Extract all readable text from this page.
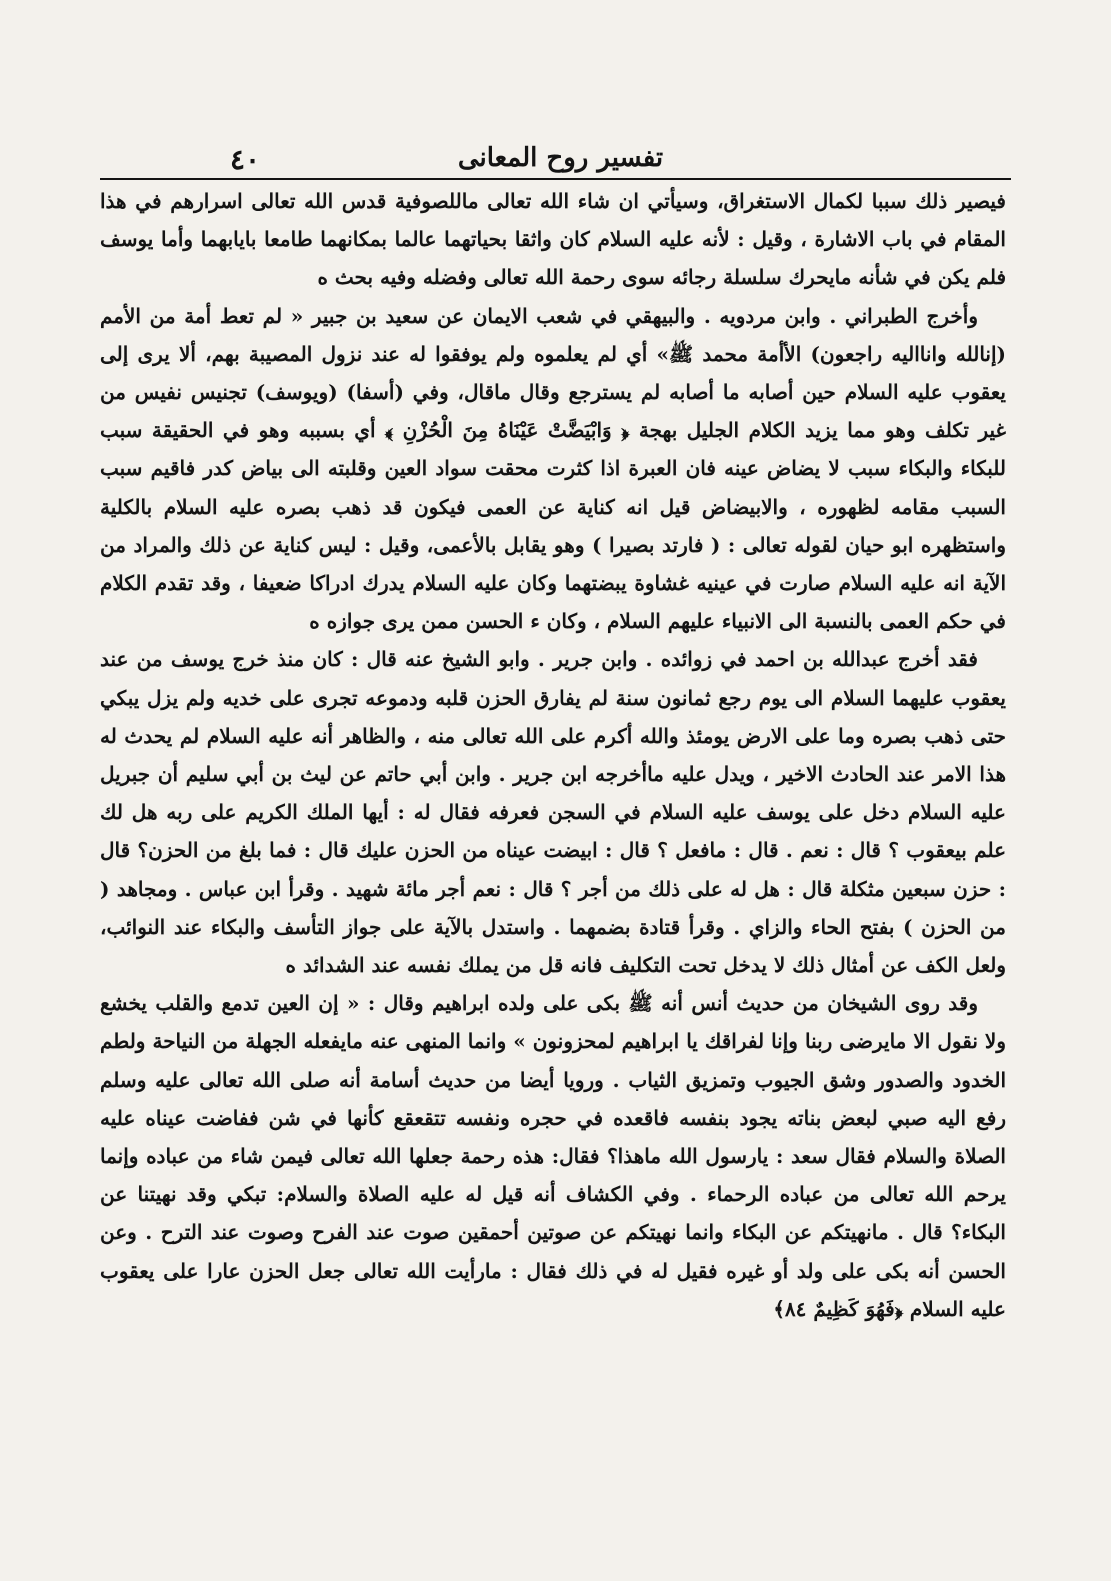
٤٠	تفسیر روح المعانی

فيصير ذلك سببا لكمال الاستغراق، وسيأتي ان شاء الله تعالى ماللصوفية قدس الله تعالى اسرارهم في هذا المقام في باب الاشارة ، وقيل : لأنه عليه السلام كان واثقا بحياتهما عالما بمكانهما طامعا بايابهما وأما يوسف فلم يكن في شأنه مايحرك سلسلة رجائه سوى رحمة الله تعالى وفضله وفيه بحث ه

وأخرج الطبراني . وابن مردويه . والبيهقي في شعب الايمان عن سعيد بن جبير « لم تعط أمة من الأمم (إنالله وانااليه راجعون) الأأمة محمد ﷺ» أي لم يعلموه ولم يوفقوا له عند نزول المصيبة بهم، ألا يرى إلى يعقوب عليه السلام حين أصابه ما أصابه لم يسترجع وقال ماقال، وفي (أسفا) (ويوسف) تجنيس نفيس من غير تكلف وهو مما يزيد الكلام الجليل بهجة ﴿ وَابْيَضَّتْ عَيْنَاهُ مِنَ الْحُزْنِ ﴾ أي بسببه وهو في الحقيقة سبب للبكاء والبكاء سبب لا يضاض عينه فان العبرة اذا كثرت محقت سواد العين وقلبته الى بياض كدر فاقيم سبب السبب مقامه لظهوره ، والابيضاض قيل انه كناية عن العمى فيكون قد ذهب بصره عليه السلام بالكلية واستظهره ابو حيان لقوله تعالى : ( فارتد بصيرا ) وهو يقابل بالأعمى، وقيل : ليس كناية عن ذلك والمراد من الآية انه عليه السلام صارت في عينيه غشاوة يبضتهما وكان عليه السلام يدرك ادراكا ضعيفا ، وقد تقدم الكلام في حكم العمى بالنسبة الى الانبياء عليهم السلام ، وكان ء الحسن ممن يرى جوازه ه

فقد أخرج عبدالله بن احمد في زوائده . وابن جرير . وابو الشيخ عنه قال : كان منذ خرج يوسف من عند يعقوب عليهما السلام الى يوم رجع ثمانون سنة لم يفارق الحزن قلبه ودموعه تجرى على خديه ولم يزل يبكي حتى ذهب بصره وما على الارض يومئذ والله أكرم على الله تعالى منه ، والظاهر أنه عليه السلام لم يحدث له هذا الامر عند الحادث الاخير ، ويدل عليه ماأخرجه ابن جرير . وابن أبي حاتم عن ليث بن أبي سليم أن جبريل عليه السلام دخل على يوسف عليه السلام في السجن فعرفه فقال له : أيها الملك الكريم على ربه هل لك علم بيعقوب ؟ قال : نعم . قال : مافعل ؟ قال : ابيضت عيناه من الحزن عليك قال : فما بلغ من الحزن؟ قال : حزن سبعين مثكلة قال : هل له على ذلك من أجر ؟ قال : نعم أجر مائة شهيد . وقرأ ابن عباس . ومجاهد ( من الحزن ) بفتح الحاء والزاي . وقرأ قتادة بضمهما . واستدل بالآية على جواز التأسف والبكاء عند النوائب، ولعل الكف عن أمثال ذلك لا يدخل تحت التكليف فانه قل من يملك نفسه عند الشدائد ه

وقد روى الشيخان من حديث أنس أنه ﷺ بكى على ولده ابراهيم وقال : « إن العين تدمع والقلب يخشع ولا نقول الا مايرضى ربنا وإنا لفراقك يا ابراهيم لمحزونون » وانما المنهى عنه مايفعله الجهلة من النياحة ولطم الخدود والصدور وشق الجيوب وتمزيق الثياب . ورويا أيضا من حديث أسامة أنه صلى الله تعالى عليه وسلم رفع اليه صبي لبعض بناته يجود بنفسه فاقعده في حجره ونفسه تتقعقع كأنها في شن ففاضت عيناه عليه الصلاة والسلام فقال سعد : يارسول الله ماهذا؟ فقال: هذه رحمة جعلها الله تعالى فيمن شاء من عباده وإنما يرحم الله تعالى من عباده الرحماء . وفي الكشاف أنه قيل له عليه الصلاة والسلام: تبكي وقد نهيتنا عن البكاء؟ قال . مانهيتكم عن البكاء وانما نهيتكم عن صوتين أحمقين صوت عند الفرح وصوت عند الترح . وعن الحسن أنه بكى على ولد أو غيره فقيل له في ذلك فقال : مارأيت الله تعالى جعل الحزن عارا على يعقوب عليه السلام ﴿فَهُوَ كَظِيمٌ ٨٤﴾
